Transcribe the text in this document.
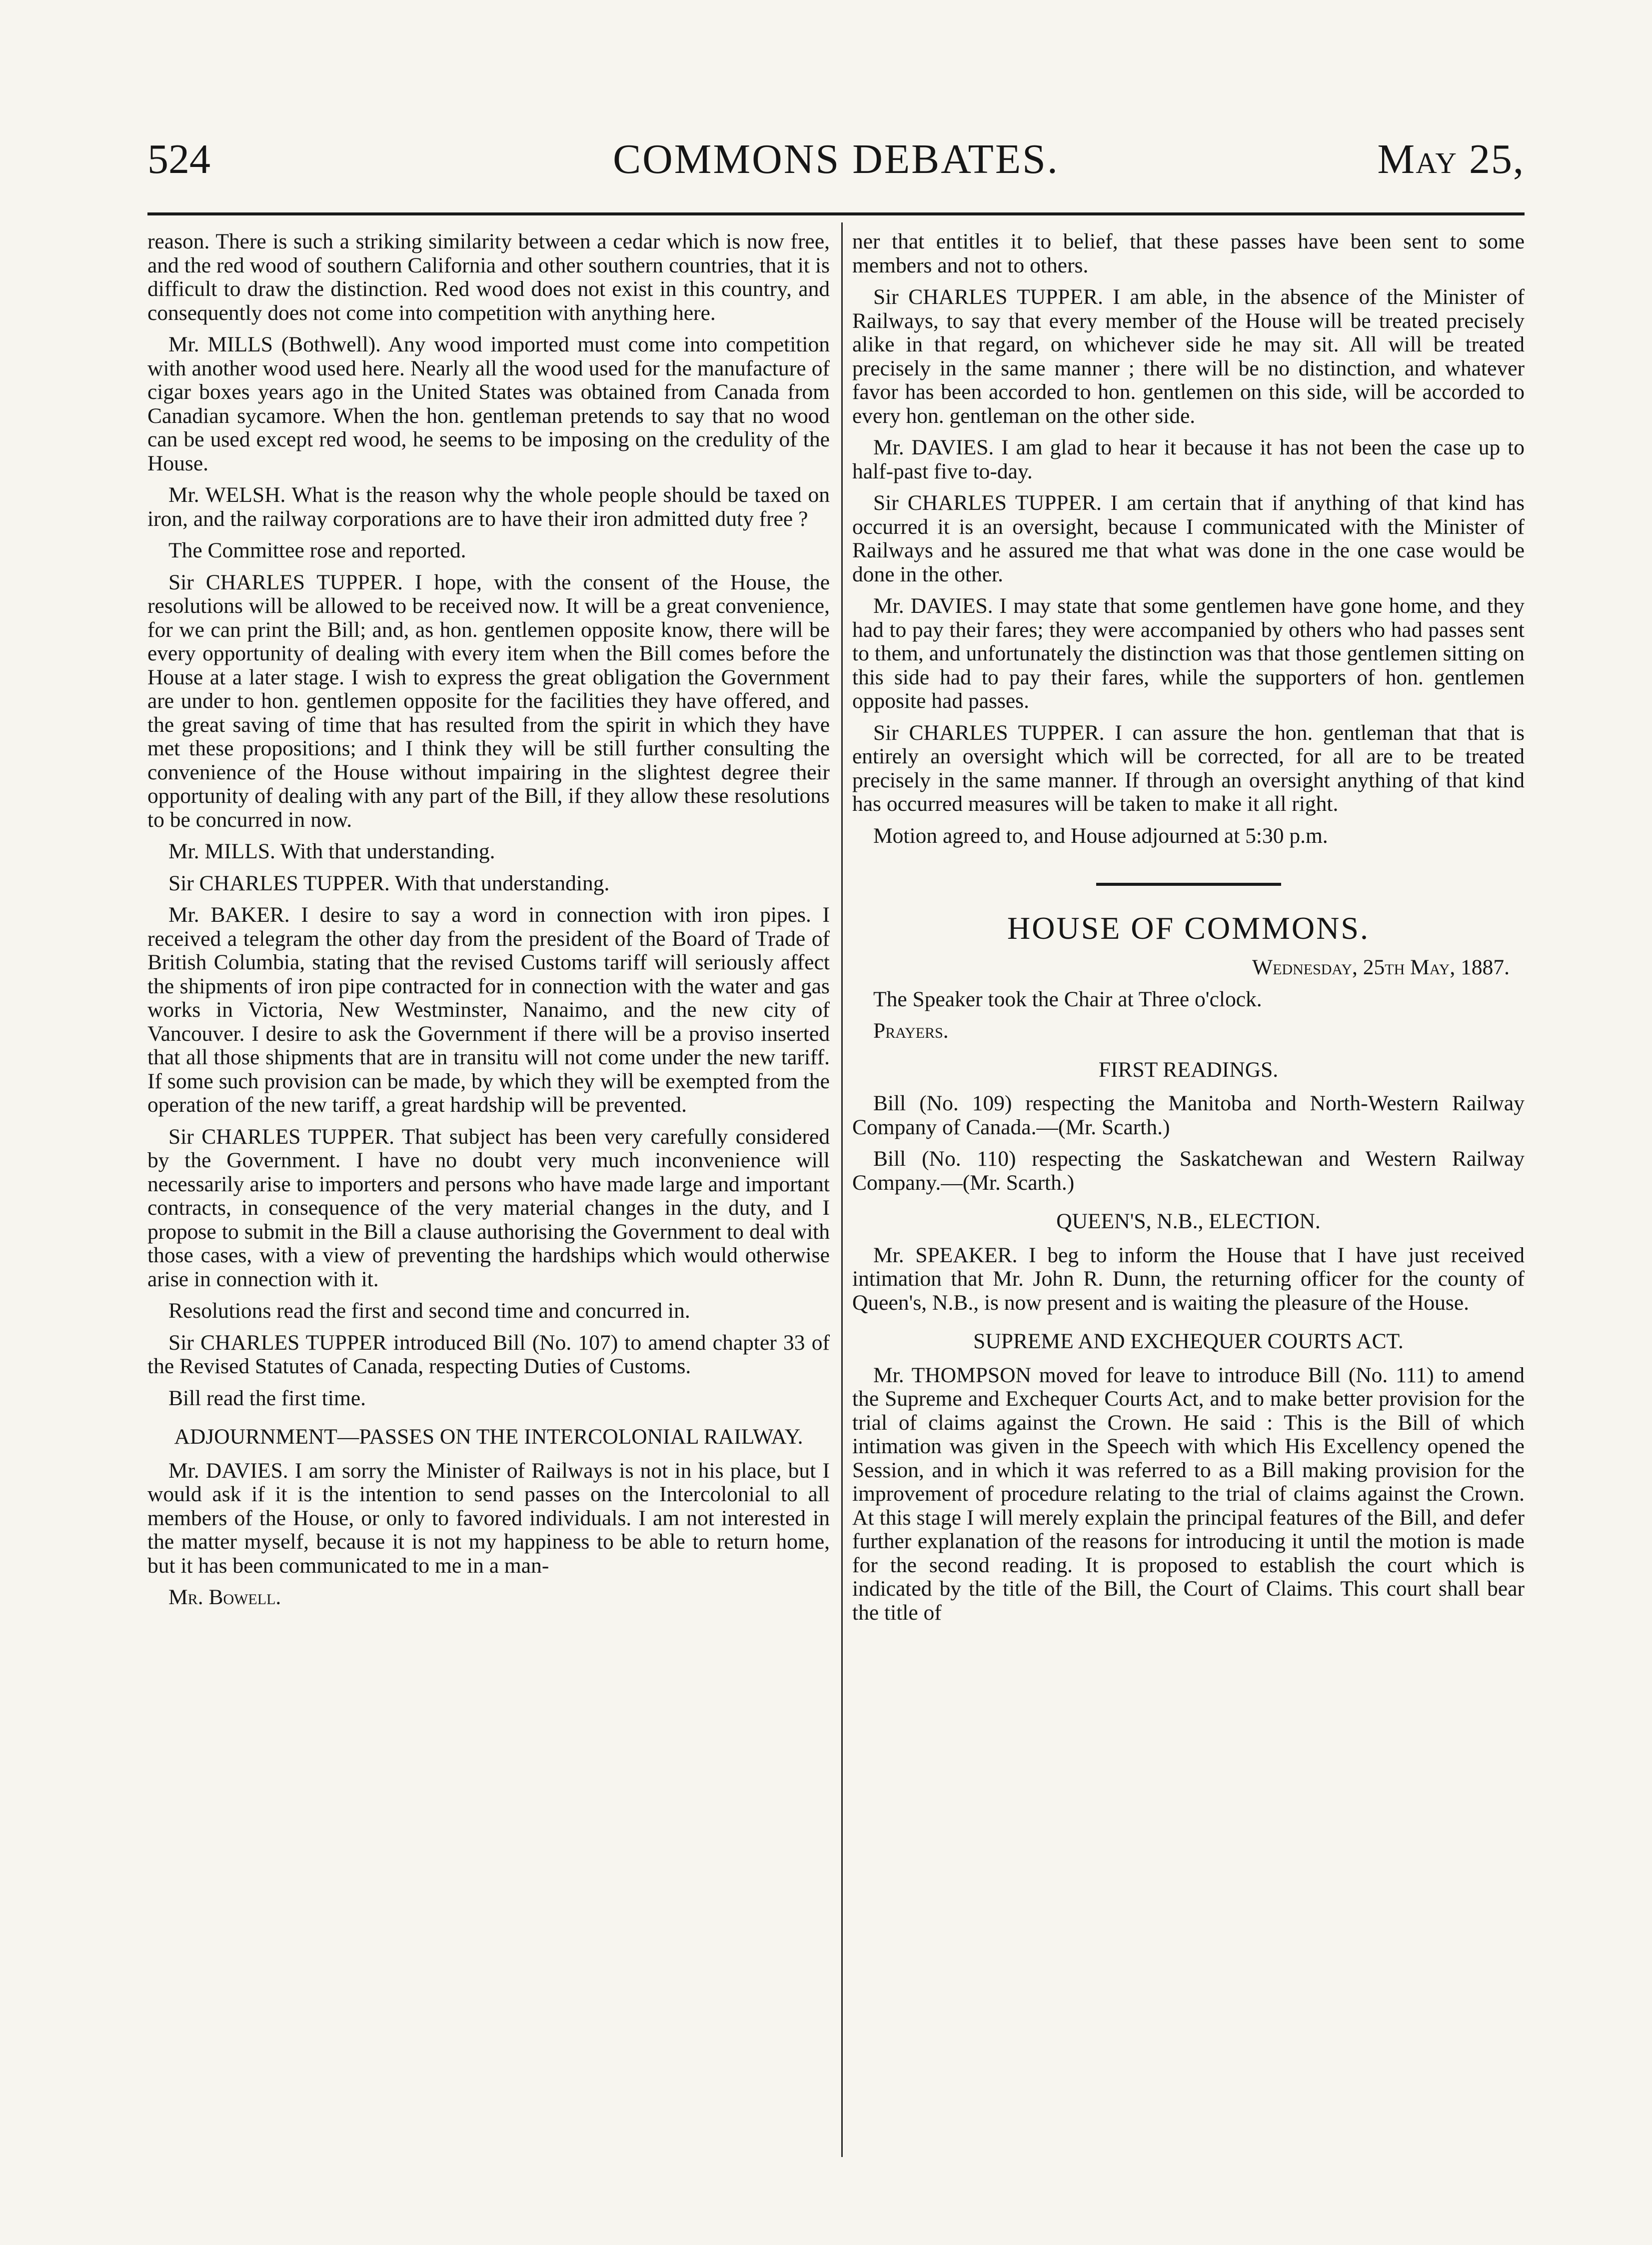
524	COMMONS DEBATES.	May 25,

reason. There is such a striking similarity between a cedar which is now free, and the red wood of southern California and other southern countries, that it is difficult to draw the distinction. Red wood does not exist in this country, and consequently does not come into competition with anything here.

Mr. MILLS (Bothwell). Any wood imported must come into competition with another wood used here. Nearly all the wood used for the manufacture of cigar boxes years ago in the United States was obtained from Canada from Canadian sycamore. When the hon. gentleman pretends to say that no wood can be used except red wood, he seems to be imposing on the credulity of the House.

Mr. WELSH. What is the reason why the whole people should be taxed on iron, and the railway corporations are to have their iron admitted duty free ?

The Committee rose and reported.

Sir CHARLES TUPPER. I hope, with the consent of the House, the resolutions will be allowed to be received now. It will be a great convenience, for we can print the Bill; and, as hon. gentlemen opposite know, there will be every opportunity of dealing with every item when the Bill comes before the House at a later stage. I wish to express the great obligation the Government are under to hon. gentlemen opposite for the facilities they have offered, and the great saving of time that has resulted from the spirit in which they have met these propositions; and I think they will be still further consulting the convenience of the House without impairing in the slightest degree their opportunity of dealing with any part of the Bill, if they allow these resolutions to be concurred in now.

Mr. MILLS. With that understanding.

Sir CHARLES TUPPER. With that understanding.

Mr. BAKER. I desire to say a word in connection with iron pipes. I received a telegram the other day from the president of the Board of Trade of British Columbia, stating that the revised Customs tariff will seriously affect the shipments of iron pipe contracted for in connection with the water and gas works in Victoria, New Westminster, Nanaimo, and the new city of Vancouver. I desire to ask the Government if there will be a proviso inserted that all those shipments that are in transitu will not come under the new tariff. If some such provision can be made, by which they will be exempted from the operation of the new tariff, a great hardship will be prevented.

Sir CHARLES TUPPER. That subject has been very carefully considered by the Government. I have no doubt very much inconvenience will necessarily arise to importers and persons who have made large and important contracts, in consequence of the very material changes in the duty, and I propose to submit in the Bill a clause authorising the Government to deal with those cases, with a view of preventing the hardships which would otherwise arise in connection with it.

Resolutions read the first and second time and concurred in.

Sir CHARLES TUPPER introduced Bill (No. 107) to amend chapter 33 of the Revised Statutes of Canada, respecting Duties of Customs.

Bill read the first time.

ADJOURNMENT—PASSES ON THE INTERCOLONIAL RAILWAY.

Mr. DAVIES. I am sorry the Minister of Railways is not in his place, but I would ask if it is the intention to send passes on the Intercolonial to all members of the House, or only to favored individuals. I am not interested in the matter myself, because it is not my happiness to be able to return home, but it has been communicated to me in a man-

Mr. Bowell.

ner that entitles it to belief, that these passes have been sent to some members and not to others.

Sir CHARLES TUPPER. I am able, in the absence of the Minister of Railways, to say that every member of the House will be treated precisely alike in that regard, on whichever side he may sit. All will be treated precisely in the same manner ; there will be no distinction, and whatever favor has been accorded to hon. gentlemen on this side, will be accorded to every hon. gentleman on the other side.

Mr. DAVIES. I am glad to hear it because it has not been the case up to half-past five to-day.

Sir CHARLES TUPPER. I am certain that if anything of that kind has occurred it is an oversight, because I communicated with the Minister of Railways and he assured me that what was done in the one case would be done in the other.

Mr. DAVIES. I may state that some gentlemen have gone home, and they had to pay their fares; they were accompanied by others who had passes sent to them, and unfortunately the distinction was that those gentlemen sitting on this side had to pay their fares, while the supporters of hon. gentlemen opposite had passes.

Sir CHARLES TUPPER. I can assure the hon. gentleman that that is entirely an oversight which will be corrected, for all are to be treated precisely in the same manner. If through an oversight anything of that kind has occurred measures will be taken to make it all right.

Motion agreed to, and House adjourned at 5:30 p.m.

HOUSE OF COMMONS.

Wednesday, 25th May, 1887.

The Speaker took the Chair at Three o'clock.

Prayers.

FIRST READINGS.

Bill (No. 109) respecting the Manitoba and North-Western Railway Company of Canada.—(Mr. Scarth.)

Bill (No. 110) respecting the Saskatchewan and Western Railway Company.—(Mr. Scarth.)

QUEEN'S, N.B., ELECTION.

Mr. SPEAKER. I beg to inform the House that I have just received intimation that Mr. John R. Dunn, the returning officer for the county of Queen's, N.B., is now present and is waiting the pleasure of the House.

SUPREME AND EXCHEQUER COURTS ACT.

Mr. THOMPSON moved for leave to introduce Bill (No. 111) to amend the Supreme and Exchequer Courts Act, and to make better provision for the trial of claims against the Crown. He said : This is the Bill of which intimation was given in the Speech with which His Excellency opened the Session, and in which it was referred to as a Bill making provision for the improvement of procedure relating to the trial of claims against the Crown. At this stage I will merely explain the principal features of the Bill, and defer further explanation of the reasons for introducing it until the motion is made for the second reading. It is proposed to establish the court which is indicated by the title of the Bill, the Court of Claims. This court shall bear the title of
